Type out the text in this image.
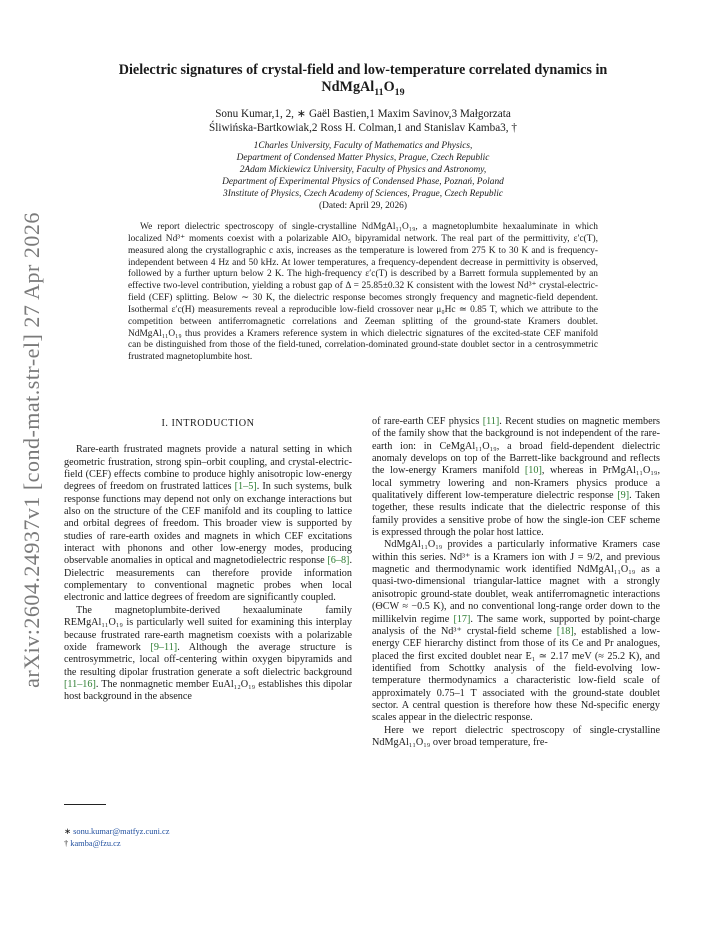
arXiv:2604.24937v1 [cond-mat.str-el] 27 Apr 2026
Dielectric signatures of crystal-field and low-temperature correlated dynamics in
$NdMgAl_{11}O_{19}$
Sonu Kumar,1, 2, ∗ Gaël Bastien,1 Maxim Savinov,3 Małgorzata
Śliwińska-Bartkowiak,2 Ross H. Colman,1 and Stanislav Kamba3, †
1Charles University, Faculty of Mathematics and Physics,
Department of Condensed Matter Physics, Prague, Czech Republic
2Adam Mickiewicz University, Faculty of Physics and Astronomy,
Department of Experimental Physics of Condensed Phase, Poznań, Poland
3Institute of Physics, Czech Academy of Sciences, Prague, Czech Republic
(Dated: April 29, 2026)

We report dielectric spectroscopy of single-crystalline NdMgAl₁₁O₁₉, a magnetoplumbite hexaaluminate in which localized Nd³⁺ moments coexist with a polarizable AlO₅ bipyramidal network. The real part of the permittivity, ε′c(T), measured along the crystallographic c axis, increases as the temperature is lowered from 275 K to 30 K and is frequency-independent between 4 Hz and 50 kHz. At lower temperatures, a frequency-dependent decrease in permittivity is observed, followed by a further upturn below 2 K. The high-frequency ε′c(T) is described by a Barrett formula supplemented by an effective two-level contribution, yielding a robust gap of Δ = 25.85±0.32 K consistent with the lowest Nd³⁺ crystal-electric-field (CEF) splitting. Below ∼ 30 K, the dielectric response becomes strongly frequency and magnetic-field dependent. Isothermal ε′c(H) measurements reveal a reproducible low-field crossover near μ₀Hc ≃ 0.85 T, which we attribute to the competition between antiferromagnetic correlations and Zeeman splitting of the ground-state Kramers doublet. NdMgAl₁₁O₁₉ thus provides a Kramers reference system in which dielectric signatures of the excited-state CEF manifold can be distinguished from those of the field-tuned, correlation-dominated ground-state doublet sector in a centrosymmetric frustrated magnetoplumbite host.

I. INTRODUCTION

Rare-earth frustrated magnets provide a natural setting in which geometric frustration, strong spin–orbit coupling, and crystal-electric-field (CEF) effects combine to produce highly anisotropic low-energy degrees of freedom on frustrated lattices [1–5]. In such systems, bulk response functions may depend not only on exchange interactions but also on the structure of the CEF manifold and its coupling to lattice and orbital degrees of freedom. This broader view is supported by studies of rare-earth oxides and magnets in which CEF excitations interact with phonons and other low-energy modes, producing observable anomalies in optical and magnetodielectric response [6–8]. Dielectric measurements can therefore provide information complementary to conventional magnetic probes when local electronic and lattice degrees of freedom are significantly coupled.

The magnetoplumbite-derived hexaaluminate family REMgAl₁₁O₁₉ is particularly well suited for examining this interplay because frustrated rare-earth magnetism coexists with a polarizable oxide framework [9–11]. Although the average structure is centrosymmetric, local off-centering within oxygen bipyramids and the resulting dipolar frustration generate a soft dielectric background [11–16]. The nonmagnetic member EuAl₁₂O₁₉ establishes this dipolar host background in the absence

of rare-earth CEF physics [11]. Recent studies on magnetic members of the family show that the background is not independent of the rare-earth ion: in CeMgAl₁₁O₁₉, a broad field-dependent dielectric anomaly develops on top of the Barrett-like background and reflects the low-energy Kramers manifold [10], whereas in PrMgAl₁₁O₁₉, local symmetry lowering and non-Kramers physics produce a qualitatively different low-temperature dielectric response [9]. Taken together, these results indicate that the dielectric response of this family provides a sensitive probe of how the single-ion CEF scheme is expressed through the polar host lattice.

NdMgAl₁₁O₁₉ provides a particularly informative Kramers case within this series. Nd³⁺ is a Kramers ion with J = 9/2, and previous magnetic and thermodynamic work identified NdMgAl₁₁O₁₉ as a quasi-two-dimensional triangular-lattice magnet with a strongly anisotropic ground-state doublet, weak antiferromagnetic interactions (ΘCW ≈ −0.5 K), and no conventional long-range order down to the millikelvin regime [17]. The same work, supported by point-charge analysis of the Nd³⁺ crystal-field scheme [18], established a low-energy CEF hierarchy distinct from those of its Ce and Pr analogues, placed the first excited doublet near E₁ ≃ 2.17 meV (≈ 25.2 K), and identified from Schottky analysis of the field-evolving low-temperature thermodynamics a characteristic low-field scale of approximately 0.75–1 T associated with the ground-state doublet sector. A central question is therefore how these Nd-specific energy scales appear in the dielectric response.

Here we report dielectric spectroscopy of single-crystalline NdMgAl₁₁O₁₉ over broad temperature, fre-

∗ sonu.kumar@matfyz.cuni.cz
† kamba@fzu.cz
